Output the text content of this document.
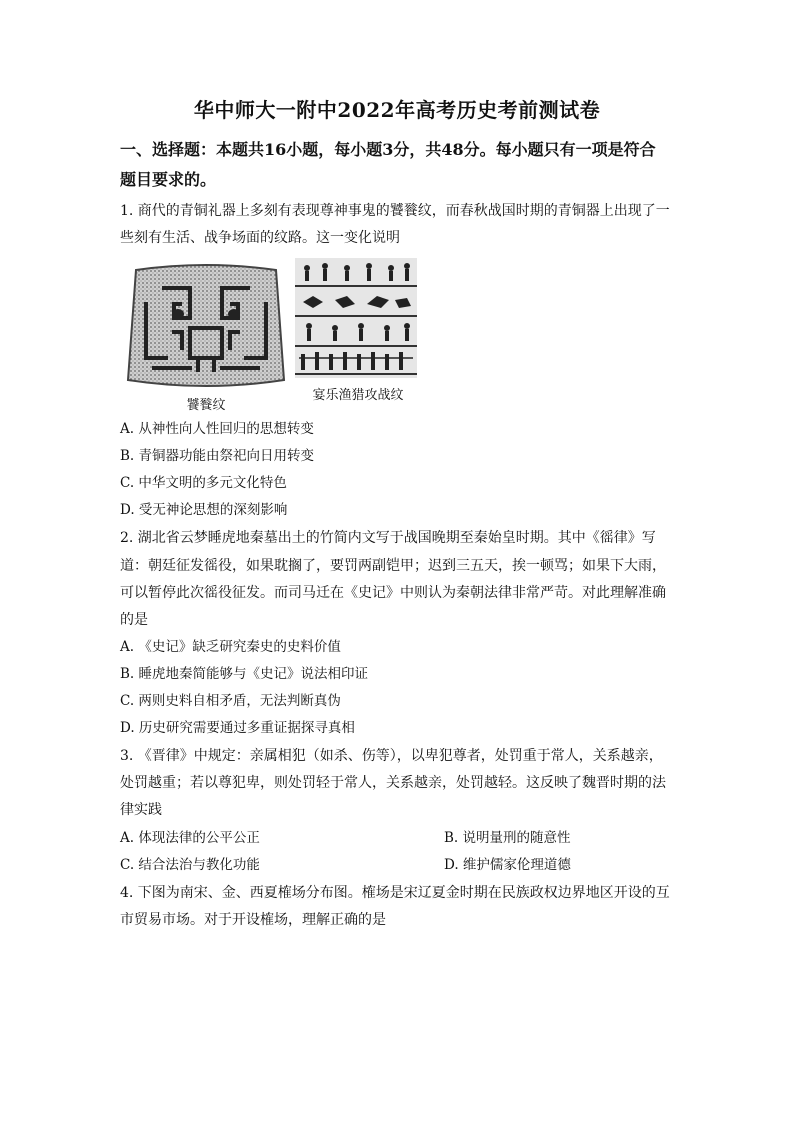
华中师大一附中2022年高考历史考前测试卷
一、选择题：本题共16小题，每小题3分，共48分。每小题只有一项是符合
题目要求的。
1. 商代的青铜礼器上多刻有表现尊神事鬼的饕餮纹，而春秋战国时期的青铜器上出现了一
些刻有生活、战争场面的纹路。这一变化说明
饕餮纹
宴乐渔猎攻战纹
A. 从神性向人性回归的思想转变
B. 青铜器功能由祭祀向日用转变
C. 中华文明的多元文化特色
D. 受无神论思想的深刻影响
2. 湖北省云梦睡虎地秦墓出土的竹简内文写于战国晚期至秦始皇时期。其中《徭律》写
道：朝廷征发徭役，如果耽搁了，要罚两副铠甲；迟到三五天，挨一顿骂；如果下大雨，
可以暂停此次徭役征发。而司马迁在《史记》中则认为秦朝法律非常严苛。对此理解准确
的是
A. 《史记》缺乏研究秦史的史料价值
B. 睡虎地秦简能够与《史记》说法相印证
C. 两则史料自相矛盾，无法判断真伪
D. 历史研究需要通过多重证据探寻真相
3. 《晋律》中规定：亲属相犯（如杀、伤等），以卑犯尊者，处罚重于常人，关系越亲，
处罚越重；若以尊犯卑，则处罚轻于常人，关系越亲，处罚越轻。这反映了魏晋时期的法
律实践
A. 体现法律的公平公正	B. 说明量刑的随意性
C. 结合法治与教化功能	D. 维护儒家伦理道德
4. 下图为南宋、金、西夏榷场分布图。榷场是宋辽夏金时期在民族政权边界地区开设的互
市贸易市场。对于开设榷场，理解正确的是
